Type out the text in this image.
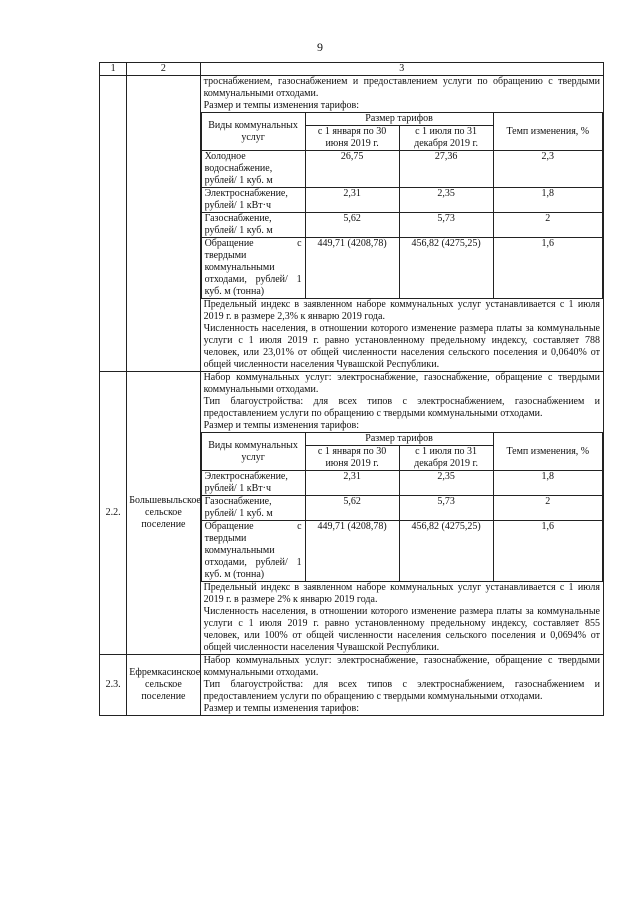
9
1	2	3

троснабжением, газоснабжением и предоставлением услуги по обращению с твердыми коммунальными отходами.

Размер и темпы изменения тарифов:

Виды коммунальных услуг	Размер тарифов	Темп изменения, %
с 1 января по 30 июня 2019 г.	с 1 июля по 31 декабря 2019 г.
Холодное водоснабжение, рублей/ 1 куб. м	26,75	27,36	2,3
Электроснабжение, рублей/ 1 кВт·ч	2,31	2,35	1,8
Газоснабжение, рублей/ 1 куб. м	5,62	5,73	2
Обращение с твердыми коммунальными отходами, рублей/ 1 куб. м (тонна)	449,71 (4208,78)	456,82 (4275,25)	1,6

Предельный индекс в заявленном наборе коммунальных услуг устанавливается с 1 июля 2019 г. в размере 2,3% к январю 2019 года.

Численность населения, в отношении которого изменение размера платы за коммунальные услуги с 1 июля 2019 г. равно установленному предельному индексу, составляет 788 человек, или 23,01% от общей численности населения сельского поселения и 0,0640% от общей численности населения Чувашской Республики.

2.2.	Большевыльское сельское поселение	

Набор коммунальных услуг: электроснабжение, газоснабжение, обращение с твердыми коммунальными отходами.

Тип благоустройства: для всех типов с электроснабжением, газоснабжением и предоставлением услуги по обращению с твердыми коммунальными отходами.

Размер и темпы изменения тарифов:

Виды коммунальных услуг	Размер тарифов	Темп изменения, %
с 1 января по 30 июня 2019 г.	с 1 июля по 31 декабря 2019 г.
Электроснабжение, рублей/ 1 кВт·ч	2,31	2,35	1,8
Газоснабжение, рублей/ 1 куб. м	5,62	5,73	2
Обращение с твердыми коммунальными отходами, рублей/ 1 куб. м (тонна)	449,71 (4208,78)	456,82 (4275,25)	1,6

Предельный индекс в заявленном наборе коммунальных услуг устанавливается с 1 июля 2019 г. в размере 2% к январю 2019 года.

Численность населения, в отношении которого изменение размера платы за коммунальные услуги с 1 июля 2019 г. равно установленному предельному индексу, составляет 855 человек, или 100% от общей численности населения сельского поселения и 0,0694% от общей численности населения Чувашской Республики.

2.3.	Ефремкасинское сельское поселение	

Набор коммунальных услуг: электроснабжение, газоснабжение, обращение с твердыми коммунальными отходами.

Тип благоустройства: для всех типов с электроснабжением, газоснабжением и предоставлением услуги по обращению с твердыми коммунальными отходами.

Размер и темпы изменения тарифов:
